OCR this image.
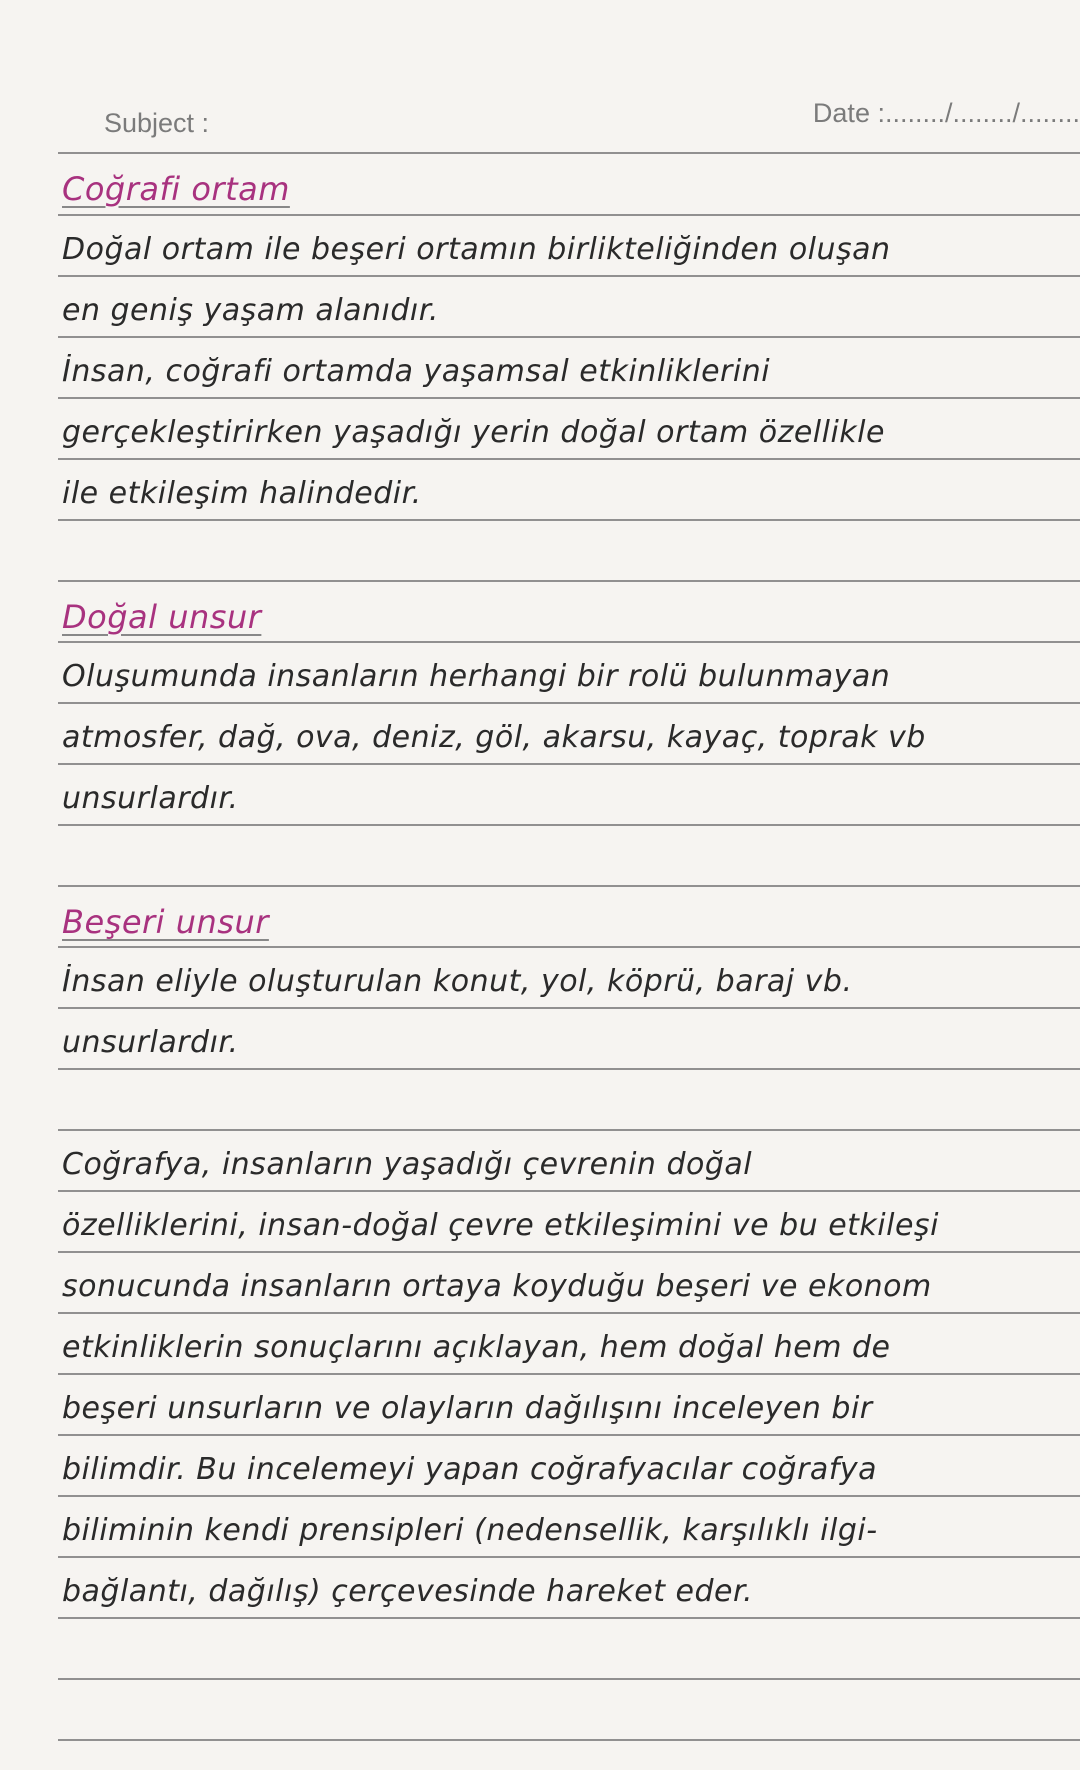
Subject :	Date :......../......../........
Coğrafi ortam
Doğal ortam ile beşeri ortamın birlikteliğinden oluşan
en geniş yaşam alanıdır.
İnsan, coğrafi ortamda yaşamsal etkinliklerini
gerçekleştirirken yaşadığı yerin doğal ortam özellikle
ile etkileşim halindedir.
Doğal unsur
Oluşumunda insanların herhangi bir rolü bulunmayan
atmosfer, dağ, ova, deniz, göl, akarsu, kayaç, toprak vb
unsurlardır.
Beşeri unsur
İnsan eliyle oluşturulan konut, yol, köprü, baraj vb.
unsurlardır.
Coğrafya, insanların yaşadığı çevrenin doğal
özelliklerini, insan-doğal çevre etkileşimini ve bu etkileşi
sonucunda insanların ortaya koyduğu beşeri ve ekonom
etkinliklerin sonuçlarını açıklayan, hem doğal hem de
beşeri unsurların ve olayların dağılışını inceleyen bir
bilimdir. Bu incelemeyi yapan coğrafyacılar coğrafya
biliminin kendi prensipleri (nedensellik, karşılıklı ilgi-
bağlantı, dağılış) çerçevesinde hareket eder.
